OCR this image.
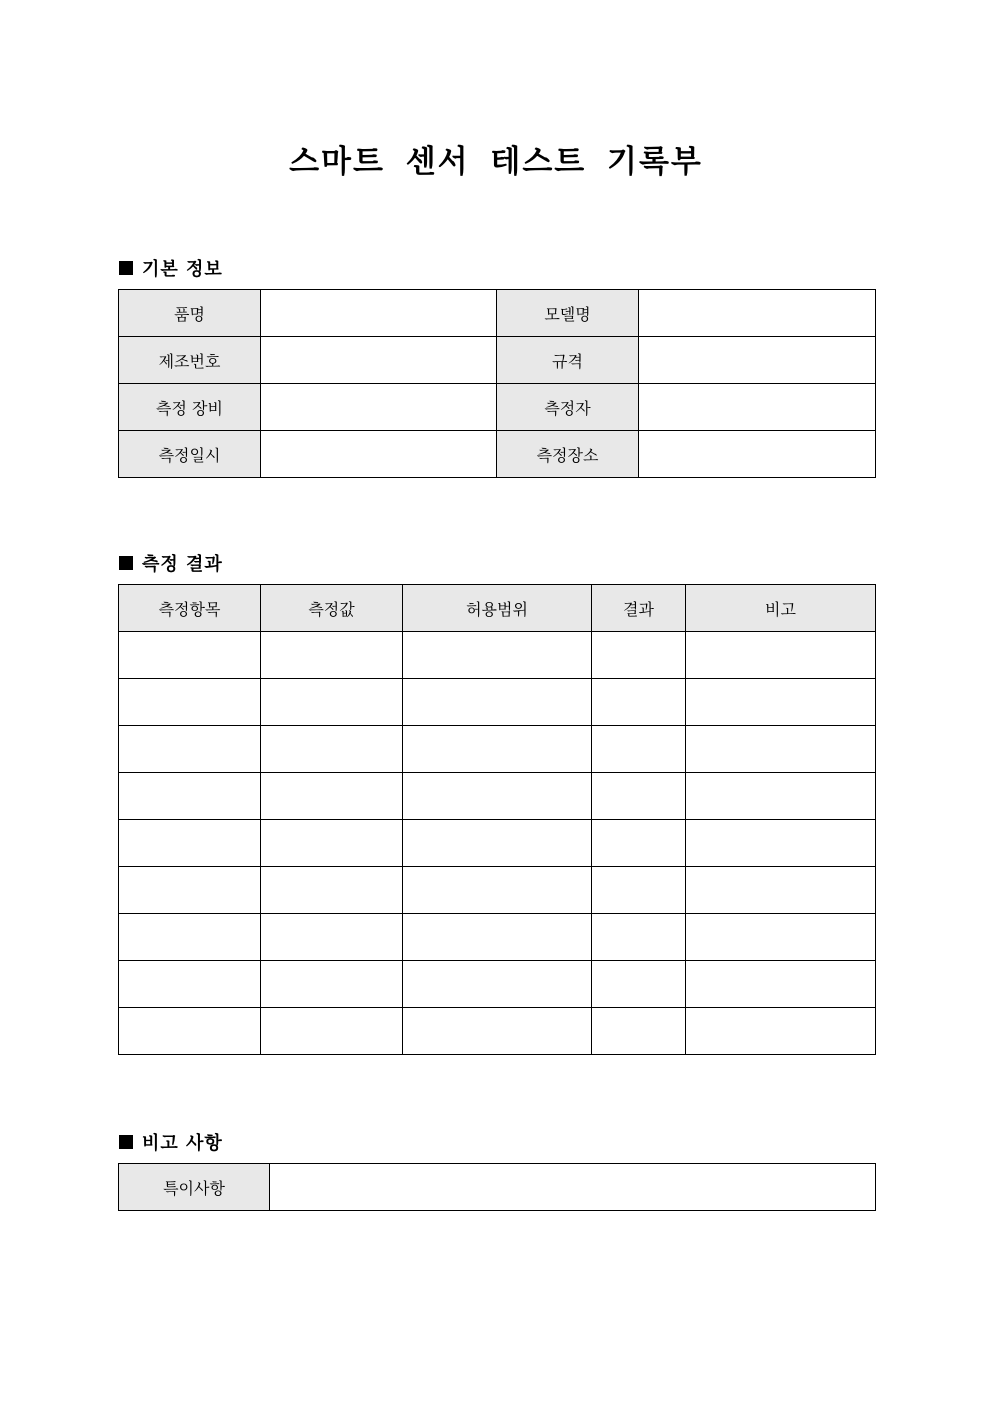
스마트 센서 테스트 기록부
기본 정보
품명		모델명	
제조번호		규격	
측정 장비		측정자	
측정일시		측정장소	
측정 결과
측정항목	측정값	허용범위	결과	비고

비고 사항
특이사항	
